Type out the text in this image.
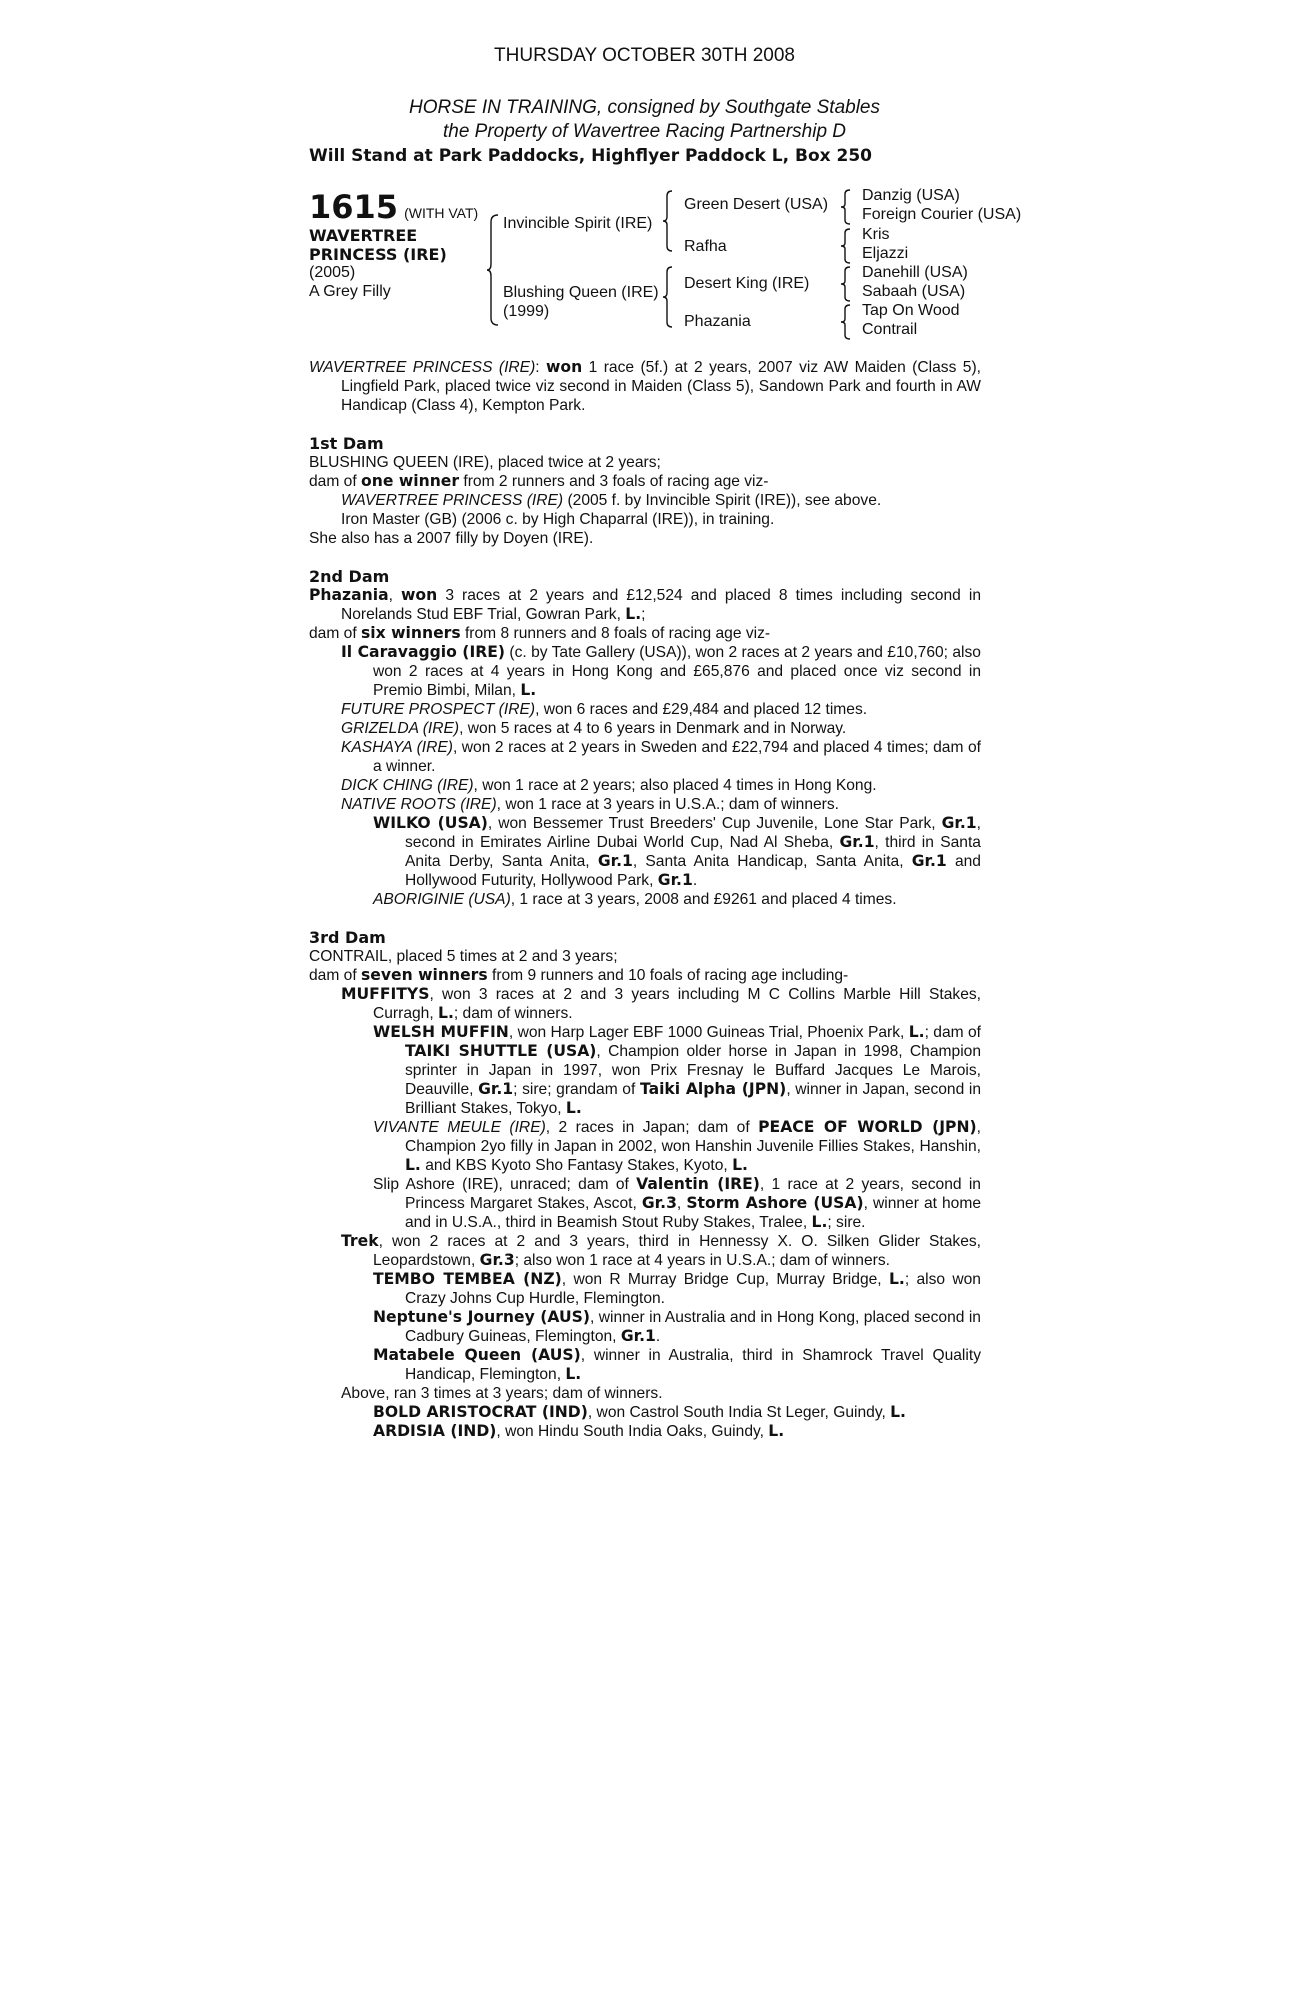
THURSDAY OCTOBER 30TH 2008
HORSE IN TRAINING, consigned by Southgate Stables
the Property of Wavertree Racing Partnership D
Will Stand at Park Paddocks, Highflyer Paddock L, Box 250
1615 (WITH VAT)
WAVERTREE
PRINCESS (IRE)
(2005)
A Grey Filly
Invincible Spirit (IRE)
Blushing Queen (IRE)
(1999)
Green Desert (USA)
Rafha
Desert King (IRE)
Phazania
Danzig (USA)
Foreign Courier (USA)
Kris
Eljazzi
Danehill (USA)
Sabaah (USA)
Tap On Wood
Contrail

WAVERTREE PRINCESS (IRE): won 1 race (5f.) at 2 years, 2007 viz AW Maiden (Class 5), Lingfield Park, placed twice viz second in Maiden (Class 5), Sandown Park and fourth in AW Handicap (Class 4), Kempton Park.

1st Dam

BLUSHING QUEEN (IRE), placed twice at 2 years;

dam of one winner from 2 runners and 3 foals of racing age viz-

WAVERTREE PRINCESS (IRE) (2005 f. by Invincible Spirit (IRE)), see above.

Iron Master (GB) (2006 c. by High Chaparral (IRE)), in training.

She also has a 2007 filly by Doyen (IRE).

2nd Dam

Phazania, won 3 races at 2 years and £12,524 and placed 8 times including second in Norelands Stud EBF Trial, Gowran Park, L.;

dam of six winners from 8 runners and 8 foals of racing age viz-

Il Caravaggio (IRE) (c. by Tate Gallery (USA)), won 2 races at 2 years and £10,760; also won 2 races at 4 years in Hong Kong and £65,876 and placed once viz second in Premio Bimbi, Milan, L.

FUTURE PROSPECT (IRE), won 6 races and £29,484 and placed 12 times.

GRIZELDA (IRE), won 5 races at 4 to 6 years in Denmark and in Norway.

KASHAYA (IRE), won 2 races at 2 years in Sweden and £22,794 and placed 4 times; dam of a winner.

DICK CHING (IRE), won 1 race at 2 years; also placed 4 times in Hong Kong.

NATIVE ROOTS (IRE), won 1 race at 3 years in U.S.A.; dam of winners.

WILKO (USA), won Bessemer Trust Breeders' Cup Juvenile, Lone Star Park, Gr.1, second in Emirates Airline Dubai World Cup, Nad Al Sheba, Gr.1, third in Santa Anita Derby, Santa Anita, Gr.1, Santa Anita Handicap, Santa Anita, Gr.1 and Hollywood Futurity, Hollywood Park, Gr.1.

ABORIGINIE (USA), 1 race at 3 years, 2008 and £9261 and placed 4 times.

3rd Dam

CONTRAIL, placed 5 times at 2 and 3 years;

dam of seven winners from 9 runners and 10 foals of racing age including-

MUFFITYS, won 3 races at 2 and 3 years including M C Collins Marble Hill Stakes, Curragh, L.; dam of winners.

WELSH MUFFIN, won Harp Lager EBF 1000 Guineas Trial, Phoenix Park, L.; dam of TAIKI SHUTTLE (USA), Champion older horse in Japan in 1998, Champion sprinter in Japan in 1997, won Prix Fresnay le Buffard Jacques Le Marois, Deauville, Gr.1; sire; grandam of Taiki Alpha (JPN), winner in Japan, second in Brilliant Stakes, Tokyo, L.

VIVANTE MEULE (IRE), 2 races in Japan; dam of PEACE OF WORLD (JPN), Champion 2yo filly in Japan in 2002, won Hanshin Juvenile Fillies Stakes, Hanshin, L. and KBS Kyoto Sho Fantasy Stakes, Kyoto, L.

Slip Ashore (IRE), unraced; dam of Valentin (IRE), 1 race at 2 years, second in Princess Margaret Stakes, Ascot, Gr.3, Storm Ashore (USA), winner at home and in U.S.A., third in Beamish Stout Ruby Stakes, Tralee, L.; sire.

Trek, won 2 races at 2 and 3 years, third in Hennessy X. O. Silken Glider Stakes, Leopardstown, Gr.3; also won 1 race at 4 years in U.S.A.; dam of winners.

TEMBO TEMBEA (NZ), won R Murray Bridge Cup, Murray Bridge, L.; also won Crazy Johns Cup Hurdle, Flemington.

Neptune's Journey (AUS), winner in Australia and in Hong Kong, placed second in Cadbury Guineas, Flemington, Gr.1.

Matabele Queen (AUS), winner in Australia, third in Shamrock Travel Quality Handicap, Flemington, L.

Above, ran 3 times at 3 years; dam of winners.

BOLD ARISTOCRAT (IND), won Castrol South India St Leger, Guindy, L.

ARDISIA (IND), won Hindu South India Oaks, Guindy, L.
